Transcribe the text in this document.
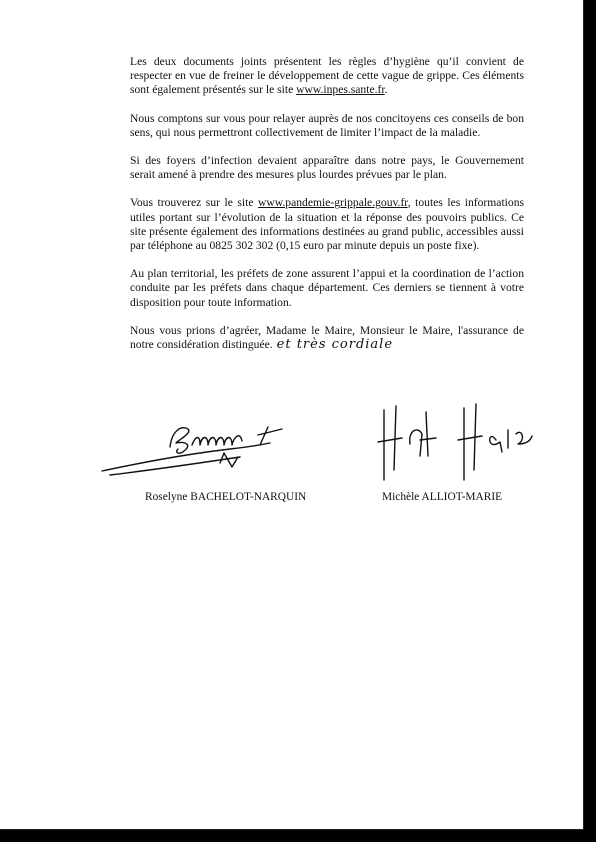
Les deux documents joints présentent les règles d’hygiène qu’il convient de respecter en vue de freiner le développement de cette vague de grippe. Ces éléments sont également présentés sur le site www.inpes.sante.fr.

Nous comptons sur vous pour relayer auprès de nos concitoyens ces conseils de bon sens, qui nous permettront collectivement de limiter l’impact de la maladie.

Si des foyers d’infection devaient apparaître dans notre pays, le Gouvernement serait amené à prendre des mesures plus lourdes prévues par le plan.

Vous trouverez sur le site www.pandemie-grippale.gouv.fr, toutes les informations utiles portant sur l’évolution de la situation et la réponse des pouvoirs publics. Ce site présente également des informations destinées au grand public, accessibles aussi par téléphone au 0825 302 302 (0,15 euro par minute depuis un poste fixe).

Au plan territorial, les préfets de zone assurent l’appui et la coordination de l’action conduite par les préfets dans chaque département. Ces derniers se tiennent à votre disposition pour toute information.

Nous vous prions d’agréer, Madame le Maire, Monsieur le Maire, l'assurance de notre considération distinguée. et très cordiale

Roselyne BACHELOT-NARQUIN	Michèle ALLIOT-MARIE
